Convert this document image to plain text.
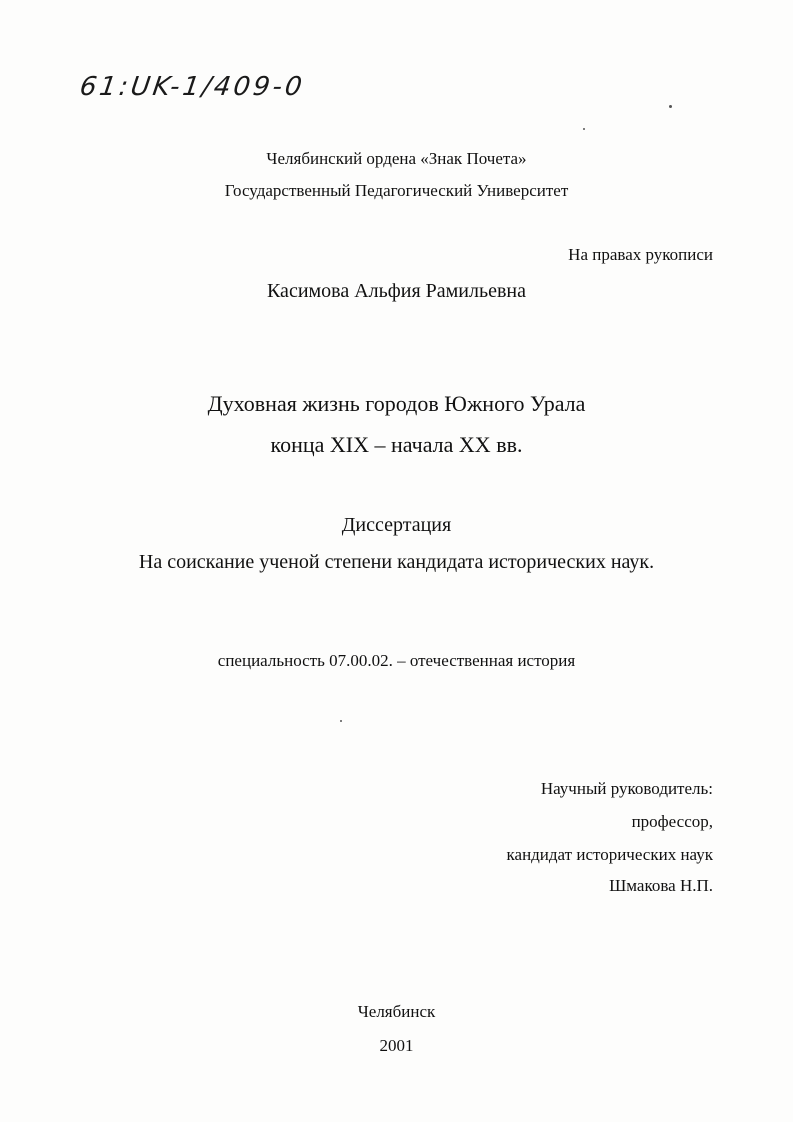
61:UK-1/409-0
Челябинский ордена «Знак Почета»
Государственный Педагогический Университет
На правах рукописи
Касимова Альфия Рамильевна
Духовная жизнь городов Южного Урала
конца XIX – начала XX вв.
Диссертация
На соискание ученой степени кандидата исторических наук.
специальность 07.00.02. – отечественная история
Научный руководитель:
профессор,
кандидат исторических наук
Шмакова Н.П.
Челябинск
2001
